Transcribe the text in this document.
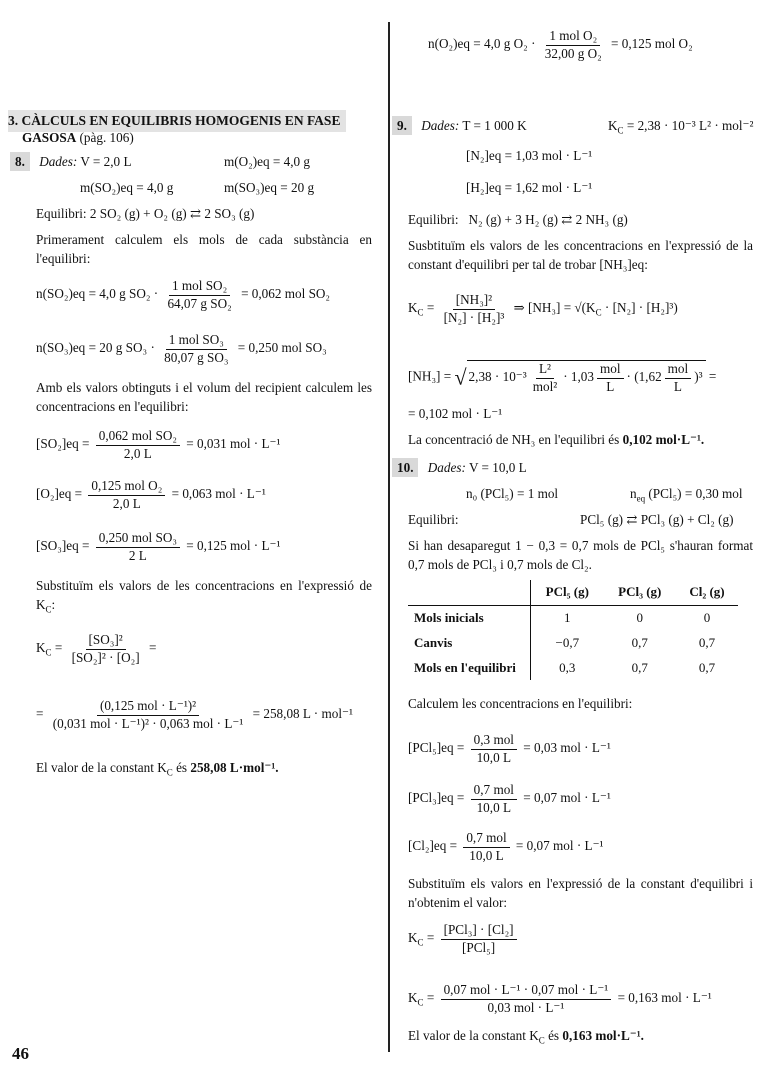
3. CÀLCULS EN EQUILIBRIS HOMOGENIS EN FASE
GASOSA (pàg. 106)
8. Dades: V = 2,0 L	m(O₂)eq = 4,0 g
m(SO₂)eq = 4,0 g	m(SO₃)eq = 20 g
Equilibri: 2 SO₂ (g) + O₂ (g) ⇄ 2 SO₃ (g)
Primerament calculem els mols de cada substància en l'equilibri:
n(SO₂)eq = 4,0 g $SO_2 \cdot \frac{\text{1 mol SO₂}}{\text{64,07 g SO₂}} = 0,062$ mol SO₂
n(SO₃)eq = 20 g $SO_3 \cdot \frac{\text{1 mol SO₃}}{\text{80,07 g SO₃}} = 0,250$ mol SO₃
Amb els valors obtinguts i el volum del recipient calculem les concentracions en l'equilibri:
$[SO_2]eq = \frac{\text{0,062 mol SO₂}}{2,0 L} = 0,031$ mol · L⁻¹
$[O_2]eq = \frac{\text{0,125 mol O₂}}{2,0 L} = 0,063$ mol · L⁻¹
$[SO_3]eq = \frac{\text{0,250 mol SO₃}}{2 L} = 0,125$ mol · L⁻¹
Substituïm els valors de les concentracions en l'expressió de $K_C$:
$K_C = \frac{\text{[SO₃]²}}{\text{[SO₂]² · [O₂]}}$ =
= $\frac{\text{(0,125 mol · L⁻¹)²}}{\text{(0,031 mol · L⁻¹)² · 0,063 mol · L⁻¹}} = 258,08$ L · mol⁻¹
El valor de la constant $K_C$ és 258,08 L·mol⁻¹.
n(O₂)eq = 4,0 g $O_2 \cdot \frac{\text{1 mol O₂}}{\text{32,00 g O₂}} = 0,125$ mol O₂
9. Dades: T = 1 000 K	$K_C = 2,38 \cdot 10^{-3}$ L² · mol⁻²
[N₂]eq = 1,03 mol · L⁻¹
[H₂]eq = 1,62 mol · L⁻¹
Equilibri: N₂ (g) + 3 H₂ (g) ⇄ 2 NH₃ (g)
Susbtituïm els valors de les concentracions en l'expressió de la constant d'equilibri per tal de trobar [NH₃]eq:
$K_C = \frac{\text{[NH₃]²}}{\text{[N₂] · [H₂]³}}$ ⇒ $[NH_3] = √(K_C \cdot [N_2] \cdot [H_2]^3)$
[NH₃] = √ $2,38 \cdot 10^{-3} \frac{\text{L²}}{\text{mol²}} \cdot 1,03 \frac{\text{mol}}{L} \cdot (1,62 \frac{\text{mol}}{L} )^3$ =
= 0,102 mol · L⁻¹
La concentració de NH₃ en l'equilibri és 0,102 mol·L⁻¹.
10. Dades: V = 10,0 L
n₀ (PCl₅) = 1 mol	$n_{eq}$ (PCl₅) = 0,30 mol
Equilibri:	PCl₅ (g) ⇄ PCl₃ (g) + Cl₂ (g)
Si han desaparegut 1 − 0,3 = 0,7 mols de PCl₅ s'hauran format 0,7 mols de PCl₃ i 0,7 mols de Cl₂.
	PCl₅ (g)	PCl₃ (g)	Cl₂ (g)
Mols inicials	1	0	0
Canvis	−0,7	0,7	0,7
Mols en l'equilibri	0,3	0,7	0,7
Calculem les concentracions en l'equilibri:
$[PCl_5]eq = \frac{\text{0,3 mol}}{10,0 L} = 0,03$ mol · L⁻¹
$[PCl_3]eq = \frac{\text{0,7 mol}}{10,0 L} = 0,07$ mol · L⁻¹
$[Cl_2]eq = \frac{\text{0,7 mol}}{10,0 L} = 0,07$ mol · L⁻¹
Substituïm els valors en l'expressió de la constant d'equilibri i n'obtenim el valor:
$K_C = \frac{\text{[PCl₃] · [Cl₂]}}{\text{[PCl₅]}}$
$K_C = \frac{\text{0,07 mol · L⁻¹ · 0,07 mol · L⁻¹}}{\text{0,03 mol · L⁻¹}} = 0,163$ mol · L⁻¹
El valor de la constant $K_C$ és 0,163 mol·L⁻¹.
46
